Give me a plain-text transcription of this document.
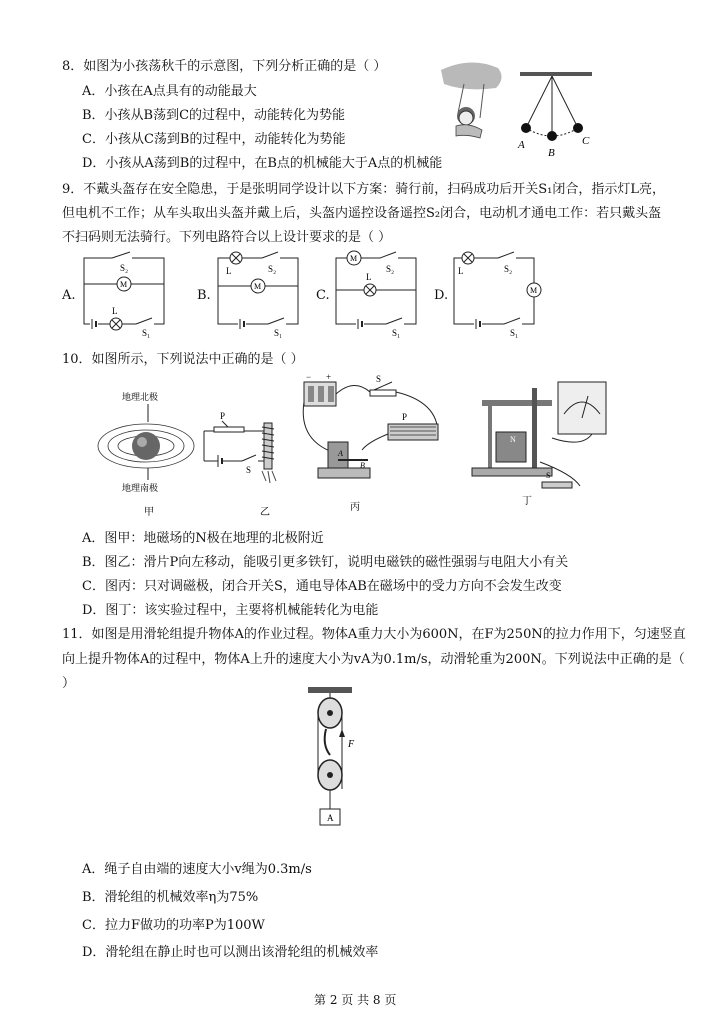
8．如图为小孩荡秋千的示意图，下列分析正确的是（ ）
A．小孩在A点具有的动能最大
B．小孩从B荡到C的过程中，动能转化为势能
C．小孩从C荡到B的过程中，动能转化为势能
D．小孩从A荡到B的过程中，在B点的机械能大于A点的机械能
A
B
C
9．不戴头盔存在安全隐患，于是张明同学设计以下方案：骑行前，扫码成功后开关S₁闭合，指示灯L亮，
但电机不工作；从车头取出头盔并戴上后，头盔内遥控设备遥控S₂闭合，电动机才通电工作：若只戴头盔
不扫码则无法骑行。下列电路符合以上设计要求的是（ ）
A.
S₂
M
L
S₁
B.
L	S₂
M
S₁
C.
M
S₂
L
S₁
D.
L	S₂
M
S₁
10．如图所示，下列说法中正确的是（ ）
地理北极
地理南极
甲
P
S
乙
+
−	S
P
A
B
丙
N
S
丁
A．图甲：地磁场的N极在地理的北极附近
B．图乙：滑片P向左移动，能吸引更多铁钉，说明电磁铁的磁性强弱与电阻大小有关
C．图丙：只对调磁极，闭合开关S，通电导体AB在磁场中的受力方向不会发生改变
D．图丁：该实验过程中，主要将机械能转化为电能
11．如图是用滑轮组提升物体A的作业过程。物体A重力大小为600N，在F为250N的拉力作用下，匀速竖直
向上提升物体A的过程中，物体A上升的速度大小为vA为0.1m/s，动滑轮重为200N。下列说法中正确的是（
）
F
A
A．绳子自由端的速度大小v绳为0.3m/s
B．滑轮组的机械效率η为75%
C．拉力F做功的功率P为100W
D．滑轮组在静止时也可以测出该滑轮组的机械效率
第 2 页 共 8 页
